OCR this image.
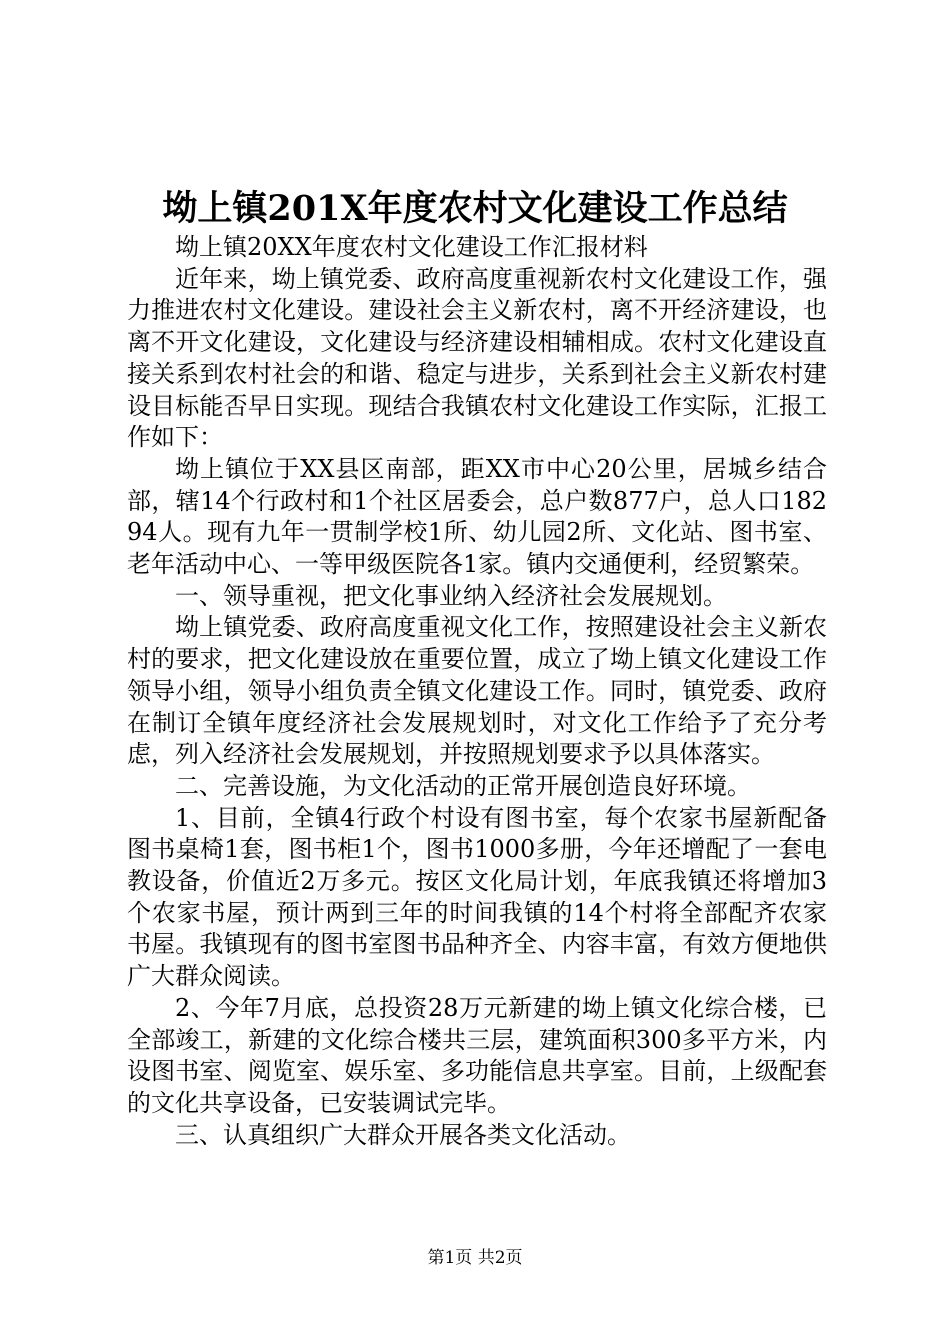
坳上镇201X年度农村文化建设工作总结

坳上镇20XX年度农村文化建设工作汇报材料

近年来，坳上镇党委、政府高度重视新农村文化建设工作，强力推进农村文化建设。建设社会主义新农村，离不开经济建设，也离不开文化建设，文化建设与经济建设相辅相成。农村文化建设直接关系到农村社会的和谐、稳定与进步，关系到社会主义新农村建设目标能否早日实现。现结合我镇农村文化建设工作实际，汇报工作如下：

坳上镇位于XX县区南部，距XX市中心20公里，居城乡结合部，辖14个行政村和1个社区居委会，总户数877户，总人口18294人。现有九年一贯制学校1所、幼儿园2所、文化站、图书室、老年活动中心、一等甲级医院各1家。镇内交通便利，经贸繁荣。

一、领导重视，把文化事业纳入经济社会发展规划。

坳上镇党委、政府高度重视文化工作，按照建设社会主义新农村的要求，把文化建设放在重要位置，成立了坳上镇文化建设工作领导小组，领导小组负责全镇文化建设工作。同时，镇党委、政府在制订全镇年度经济社会发展规划时，对文化工作给予了充分考虑，列入经济社会发展规划，并按照规划要求予以具体落实。

二、完善设施，为文化活动的正常开展创造良好环境。

1、目前，全镇4行政个村设有图书室，每个农家书屋新配备图书桌椅1套，图书柜1个，图书1000多册，今年还增配了一套电教设备，价值近2万多元。按区文化局计划，年底我镇还将增加3个农家书屋，预计两到三年的时间我镇的14个村将全部配齐农家书屋。我镇现有的图书室图书品种齐全、内容丰富，有效方便地供广大群众阅读。

2、今年7月底，总投资28万元新建的坳上镇文化综合楼，已全部竣工，新建的文化综合楼共三层，建筑面积300多平方米，内设图书室、阅览室、娱乐室、多功能信息共享室。目前，上级配套的文化共享设备，已安装调试完毕。

三、认真组织广大群众开展各类文化活动。

第1页 共2页
